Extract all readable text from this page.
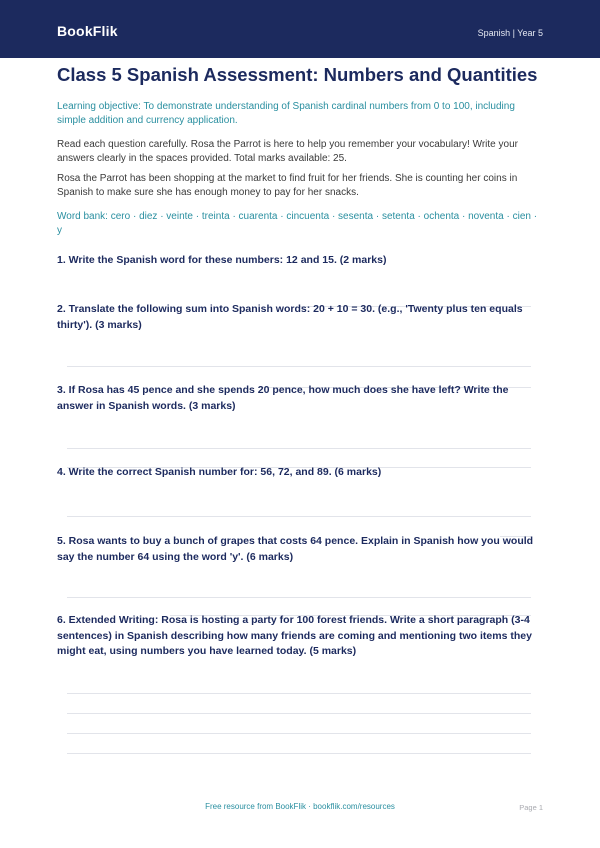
BookFlik	Spanish | Year 5
Class 5 Spanish Assessment: Numbers and Quantities
Learning objective: To demonstrate understanding of Spanish cardinal numbers from 0 to 100, including simple addition and currency application.
Read each question carefully. Rosa the Parrot is here to help you remember your vocabulary! Write your answers clearly in the spaces provided. Total marks available: 25.
Rosa the Parrot has been shopping at the market to find fruit for her friends. She is counting her coins in Spanish to make sure she has enough money to pay for her snacks.
Word bank: cero · diez · veinte · treinta · cuarenta · cincuenta · sesenta · setenta · ochenta · noventa · cien · y
1. Write the Spanish word for these numbers: 12 and 15. (2 marks)
2. Translate the following sum into Spanish words: 20 + 10 = 30. (e.g., 'Twenty plus ten equals thirty'). (3 marks)
3. If Rosa has 45 pence and she spends 20 pence, how much does she have left? Write the answer in Spanish words. (3 marks)
4. Write the correct Spanish number for: 56, 72, and 89. (6 marks)
5. Rosa wants to buy a bunch of grapes that costs 64 pence. Explain in Spanish how you would say the number 64 using the word 'y'. (6 marks)
6. Extended Writing: Rosa is hosting a party for 100 forest friends. Write a short paragraph (3-4 sentences) in Spanish describing how many friends are coming and mentioning two items they might eat, using numbers you have learned today. (5 marks)
Free resource from BookFlik · bookflik.com/resources	Page 1
